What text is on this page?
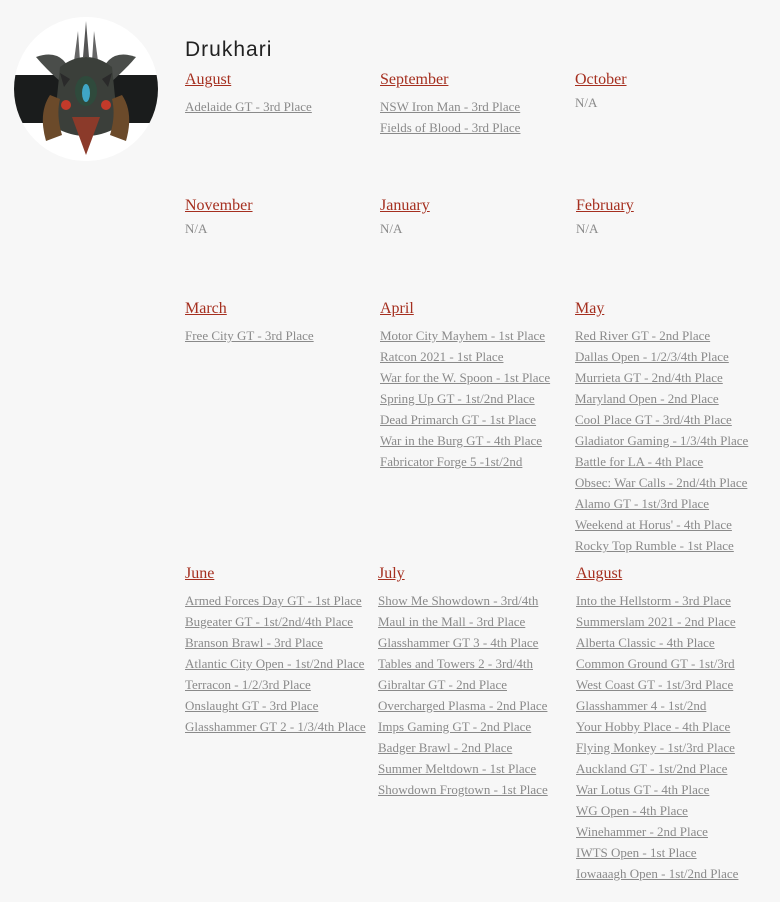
Drukhari
August
Adelaide GT - 3rd Place
September
NSW Iron Man - 3rd Place
Fields of Blood - 3rd Place
October
N/A
November
N/A
January
N/A
February
N/A
March
Free City GT - 3rd Place
April
Motor City Mayhem - 1st Place
Ratcon 2021 - 1st Place
War for the W. Spoon - 1st Place
Spring Up GT - 1st/2nd Place
Dead Primarch GT - 1st Place
War in the Burg GT - 4th Place
Fabricator Forge 5 -1st/2nd
May
Red River GT - 2nd Place
Dallas Open - 1/2/3/4th Place
Murrieta GT - 2nd/4th Place
Maryland Open - 2nd Place
Cool Place GT - 3rd/4th Place
Gladiator Gaming - 1/3/4th Place
Battle for LA - 4th Place
Obsec: War Calls - 2nd/4th Place
Alamo GT - 1st/3rd Place
Weekend at Horus' - 4th Place
Rocky Top Rumble - 1st Place
June
Armed Forces Day GT - 1st Place
Bugeater GT - 1st/2nd/4th Place
Branson Brawl - 3rd Place
Atlantic City Open - 1st/2nd Place
Terracon - 1/2/3rd Place
Onslaught GT - 3rd Place
Glasshammer GT 2 - 1/3/4th Place
July
Show Me Showdown - 3rd/4th
Maul in the Mall - 3rd Place
Glasshammer GT 3 - 4th Place
Tables and Towers 2 - 3rd/4th
Gibraltar GT - 2nd Place
Overcharged Plasma - 2nd Place
Imps Gaming GT - 2nd Place
Badger Brawl - 2nd Place
Summer Meltdown - 1st Place
Showdown Frogtown - 1st Place
August
Into the Hellstorm - 3rd Place
Summerslam 2021 - 2nd Place
Alberta Classic - 4th Place
Common Ground GT - 1st/3rd
West Coast GT - 1st/3rd Place
Glasshammer 4 - 1st/2nd
Your Hobby Place - 4th Place
Flying Monkey - 1st/3rd Place
Auckland GT - 1st/2nd Place
War Lotus GT - 4th Place
WG Open - 4th Place
Winehammer - 2nd Place
IWTS Open - 1st Place
Iowaaagh Open - 1st/2nd Place
